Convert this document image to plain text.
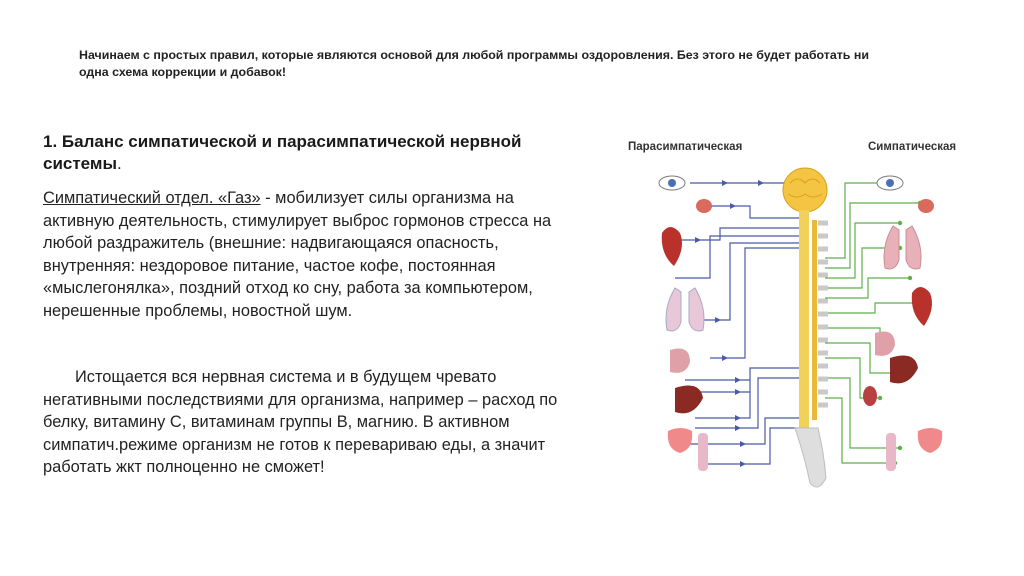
Начинаем с простых правил, которые являются основой для любой программы оздоровления. Без этого не будет работать ни одна схема коррекции и добавок!
1. Баланс симпатической и парасимпатической нервной системы.
Симпатический отдел. «Газ» - мобилизует силы организма на активную деятельность, стимулирует выброс гормонов стресса на любой раздражитель (внешние: надвигающаяся опасность, внутренняя: нездоровое питание, частое кофе, постоянная «мыслегонялка», поздний отход ко сну, работа за компьютером, нерешенные проблемы, новостной шум.
Истощается вся нервная система и в будущем чревато негативными последствиями для организма, например – расход по белку, витамину С, витаминам группы В, магнию. В активном симпатич.режиме организм не готов к перевариваю еды, а значит работать жкт полноценно не сможет!
Парасимпатическая	Симпатическая
